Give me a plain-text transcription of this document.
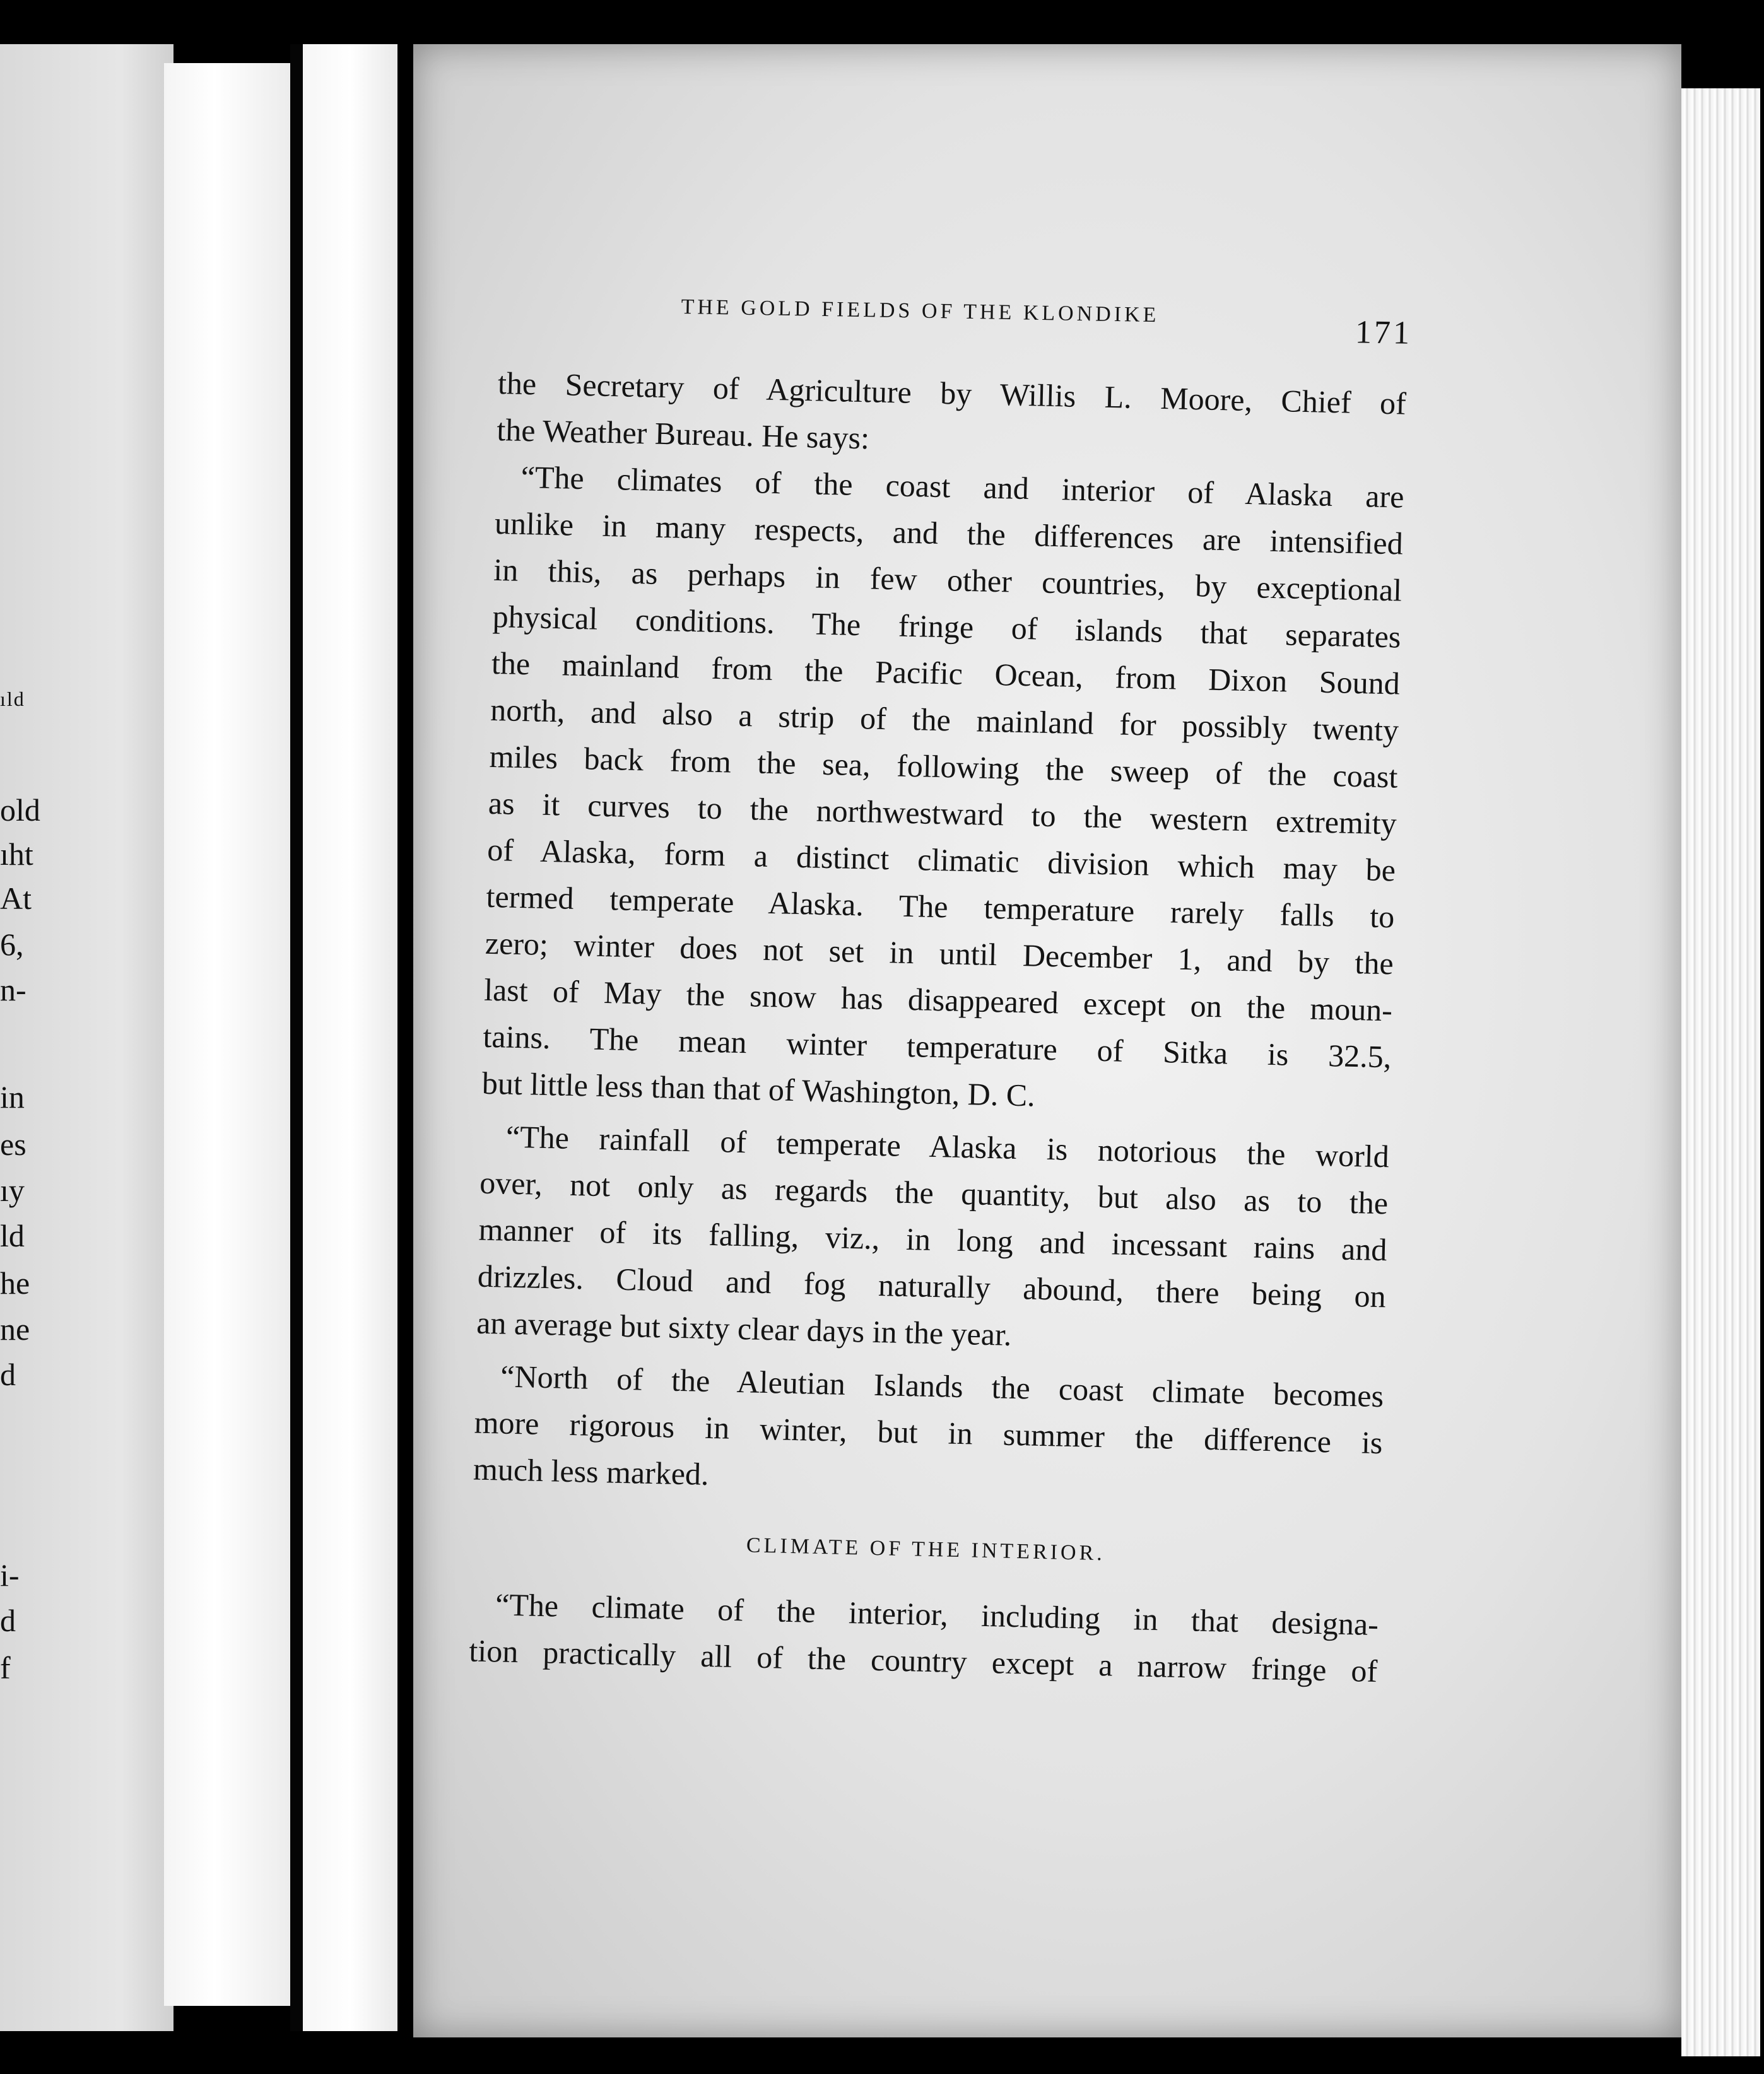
ıld
old
ıht
At
6,
n-
in
es
ıy
ld
he
ne
d
i-
d
f
THE GOLD FIELDS OF THE KLONDIKE
171
the Secretary of Agriculture by Willis L. Moore, Chief of
the Weather Bureau. He says:
“The climates of the coast and interior of Alaska are
unlike in many respects, and the differences are intensified
in this, as perhaps in few other countries, by exceptional
physical conditions. The fringe of islands that separates
the mainland from the Pacific Ocean, from Dixon Sound
north, and also a strip of the mainland for possibly twenty
miles back from the sea, following the sweep of the coast
as it curves to the northwestward to the western extremity
of Alaska, form a distinct climatic division which may be
termed temperate Alaska. The temperature rarely falls to
zero; winter does not set in until December 1, and by the
last of May the snow has disappeared except on the moun-
tains. The mean winter temperature of Sitka is 32.5,
but little less than that of Washington, D. C.
“The rainfall of temperate Alaska is notorious the world
over, not only as regards the quantity, but also as to the
manner of its falling, viz., in long and incessant rains and
drizzles. Cloud and fog naturally abound, there being on
an average but sixty clear days in the year.
“North of the Aleutian Islands the coast climate becomes
more rigorous in winter, but in summer the difference is
much less marked.
CLIMATE OF THE INTERIOR.
“The climate of the interior, including in that designa-
tion practically all of the country except a narrow fringe of
